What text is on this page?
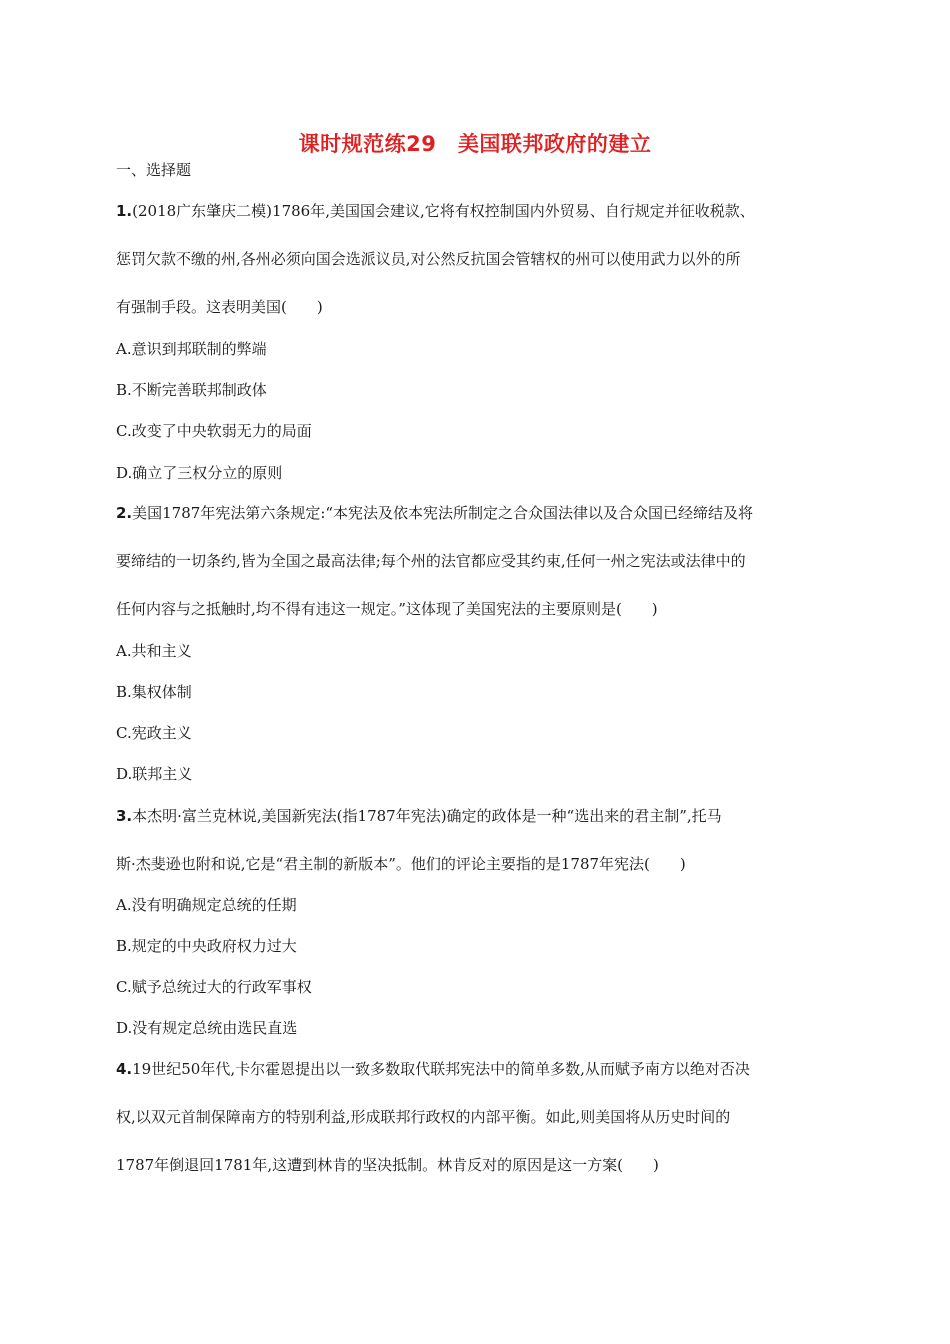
课时规范练29　美国联邦政府的建立
一、选择题
1.(2018广东肇庆二模)1786年,美国国会建议,它将有权控制国内外贸易、自行规定并征收税款、
惩罚欠款不缴的州,各州必须向国会选派议员,对公然反抗国会管辖权的州可以使用武力以外的所
有强制手段。这表明美国(　　)
A.意识到邦联制的弊端
B.不断完善联邦制政体
C.改变了中央软弱无力的局面
D.确立了三权分立的原则
2.美国1787年宪法第六条规定:“本宪法及依本宪法所制定之合众国法律以及合众国已经缔结及将
要缔结的一切条约,皆为全国之最高法律;每个州的法官都应受其约束,任何一州之宪法或法律中的
任何内容与之抵触时,均不得有违这一规定。”这体现了美国宪法的主要原则是(　　)
A.共和主义
B.集权体制
C.宪政主义
D.联邦主义
3.本杰明·富兰克林说,美国新宪法(指1787年宪法)确定的政体是一种“选出来的君主制”,托马
斯·杰斐逊也附和说,它是“君主制的新版本”。他们的评论主要指的是1787年宪法(　　)
A.没有明确规定总统的任期
B.规定的中央政府权力过大
C.赋予总统过大的行政军事权
D.没有规定总统由选民直选
4.19世纪50年代,卡尔霍恩提出以一致多数取代联邦宪法中的简单多数,从而赋予南方以绝对否决
权,以双元首制保障南方的特别利益,形成联邦行政权的内部平衡。如此,则美国将从历史时间的
1787年倒退回1781年,这遭到林肯的坚决抵制。林肯反对的原因是这一方案(　　)
